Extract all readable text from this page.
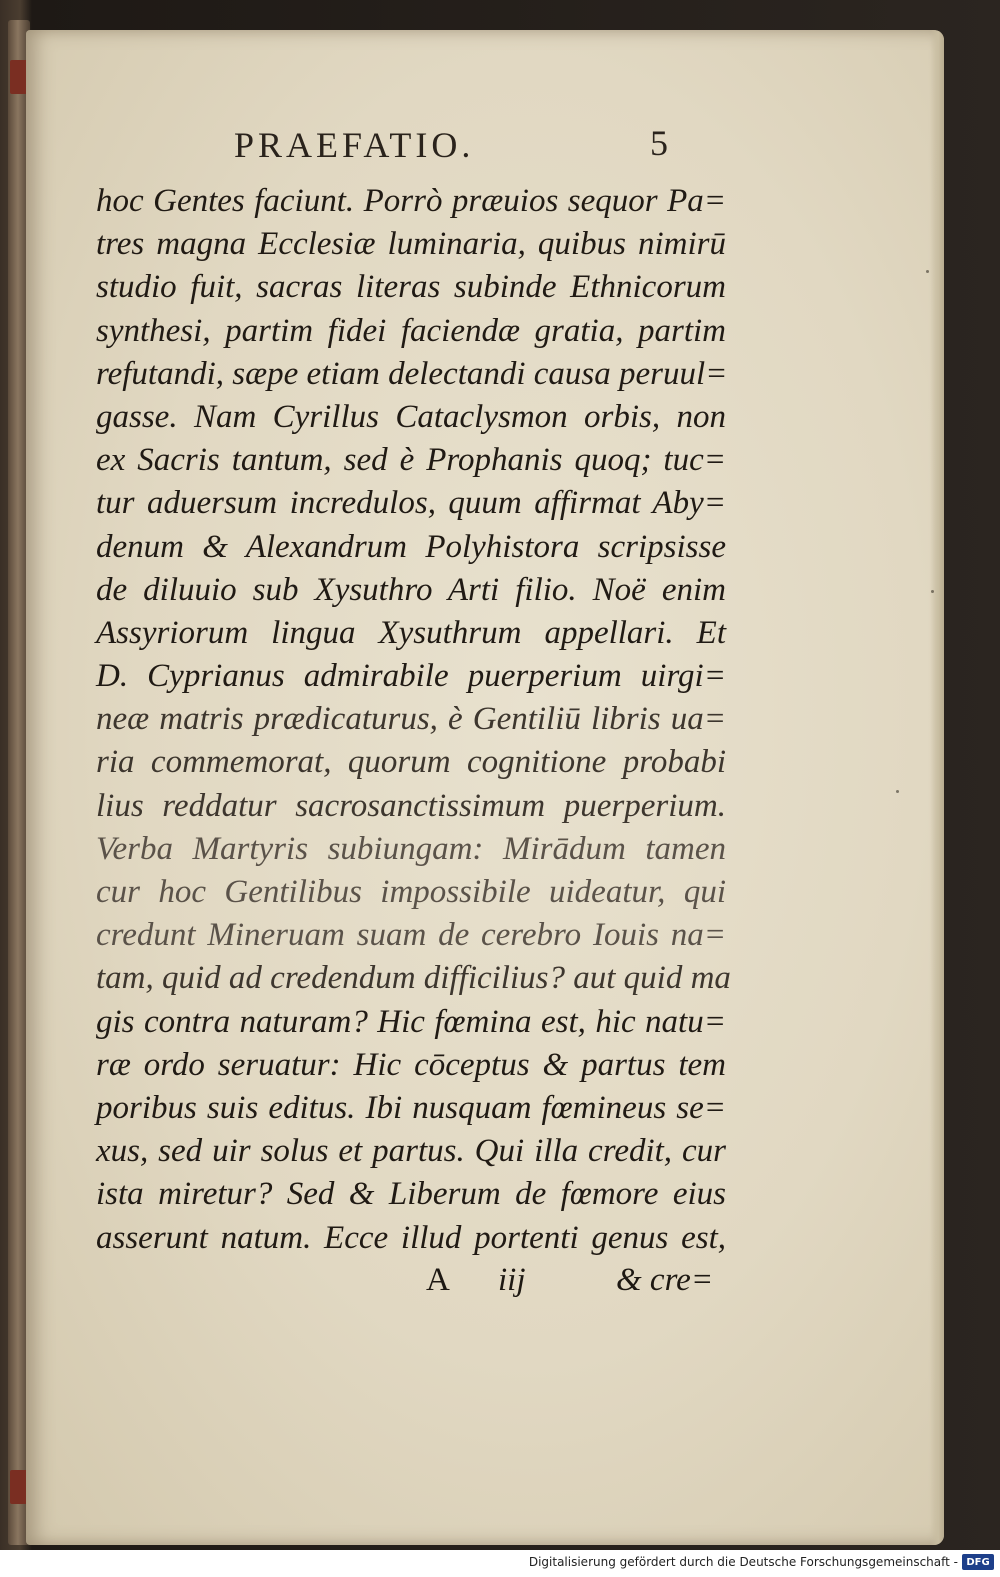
PRAEFATIO.	5
hoc Gentes faciunt. Porrò præuios sequor Pa=
tres magna Ecclesiæ luminaria, quibus nimirū
studio fuit, sacras literas subinde Ethnicorum
synthesi, partim fidei faciendæ gratia, partim
refutandi, sæpe etiam delectandi causa peruul=
gasse. Nam Cyrillus Cataclysmon orbis, non
ex Sacris tantum, sed è Prophanis quoq; tuc=
tur aduersum incredulos, quum affirmat Aby=
denum & Alexandrum Polyhistora scripsisse
de diluuio sub Xysuthro Arti filio. Noë enim
Assyriorum lingua Xysuthrum appellari. Et
D. Cyprianus admirabile puerperium uirgi=
neæ matris prædicaturus, è Gentiliū libris ua=
ria commemorat, quorum cognitione probabi
lius reddatur sacrosanctissimum puerperium.
Verba Martyris subiungam: Mirādum tamen
cur hoc Gentilibus impossibile uideatur, qui
credunt Mineruam suam de cerebro Iouis na=
tam, quid ad credendum difficilius? aut quid ma
gis contra naturam? Hic fœmina est, hic natu=
ræ ordo seruatur: Hic cōceptus & partus tem
poribus suis editus. Ibi nusquam fœmineus se=
xus, sed uir solus et partus. Qui illa credit, cur
ista miretur? Sed & Liberum de fœmore eius
asserunt natum. Ecce illud portenti genus est,
A iij	& cre=
Digitalisierung gefördert durch die Deutsche Forschungsgemeinschaft - DFG
